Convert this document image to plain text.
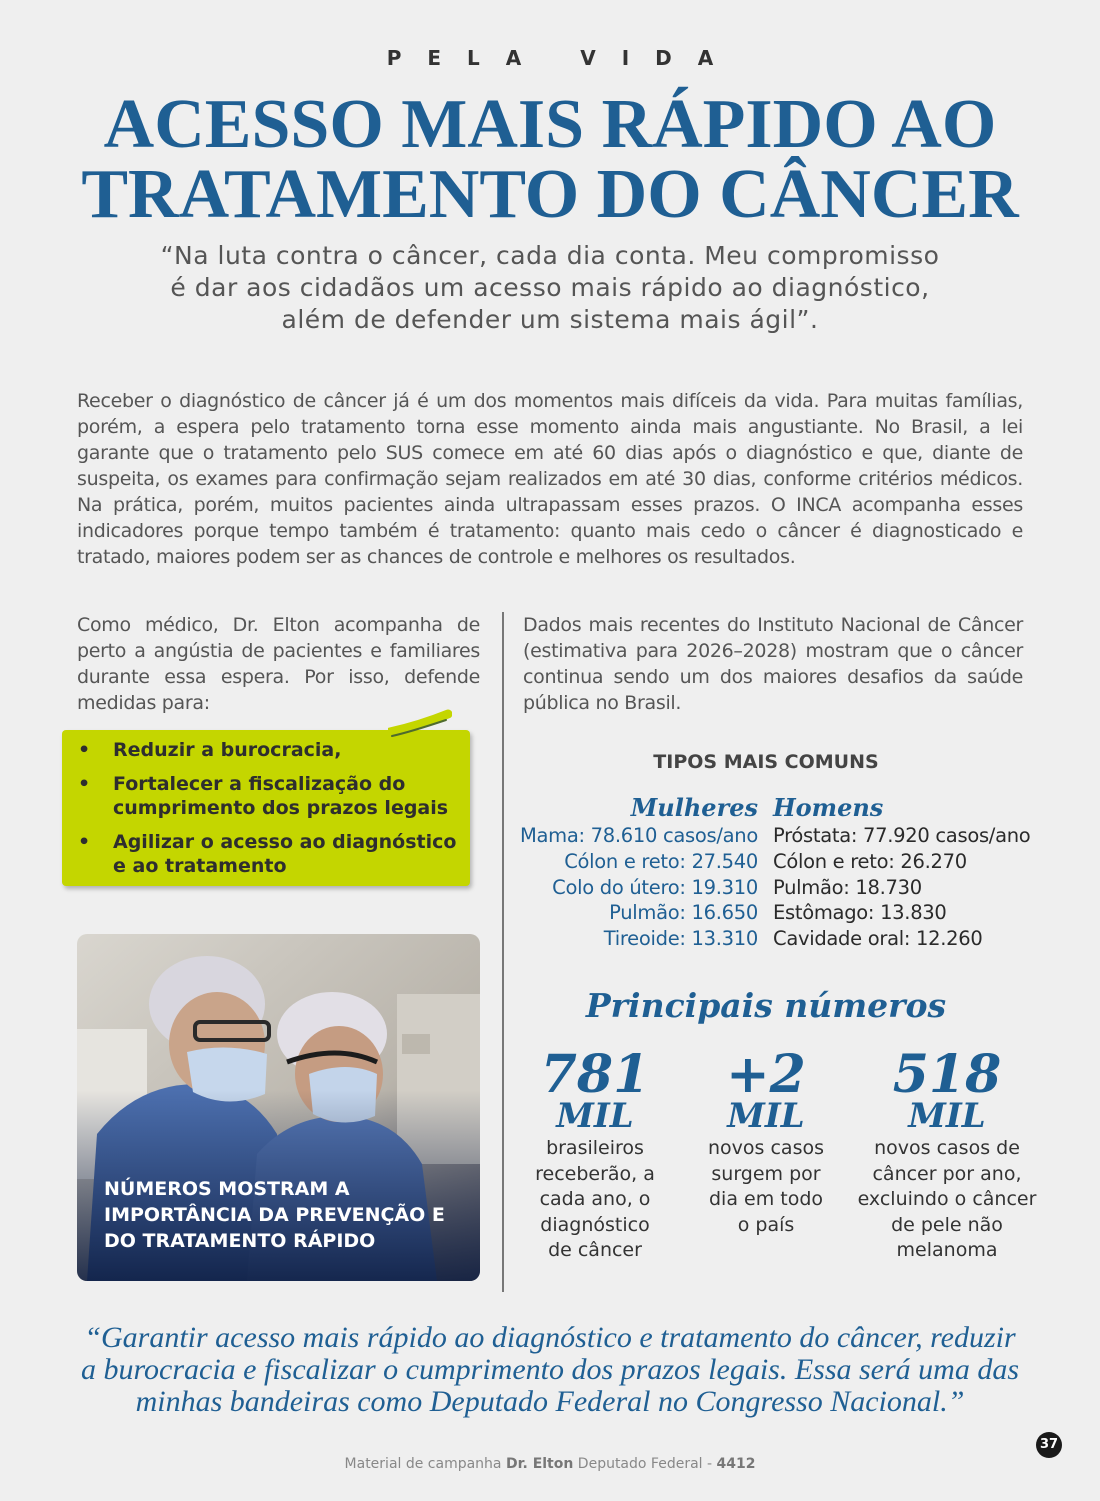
PELA VIDA
ACESSO MAIS RÁPIDO AO
TRATAMENTO DO CÂNCER
“Na luta contra o câncer, cada dia conta. Meu compromisso
é dar aos cidadãos um acesso mais rápido ao diagnóstico,
além de defender um sistema mais ágil”.

Receber o diagnóstico de câncer já é um dos momentos mais difíceis da vida. Para muitas famílias, porém, a espera pelo tratamento torna esse momento ainda mais angustiante. No Brasil, a lei garante que o tratamento pelo SUS comece em até 60 dias após o diagnóstico e que, diante de suspeita, os exames para confirmação sejam realizados em até 30 dias, conforme critérios médicos. Na prática, porém, muitos pacientes ainda ultrapassam esses prazos. O INCA acompanha esses indicadores porque tempo também é tratamento: quanto mais cedo o câncer é diagnosticado e tratado, maiores podem ser as chances de controle e melhores os resultados.

Como médico, Dr. Elton acompanha de perto a angústia de pacientes e familiares durante essa espera. Por isso, defende medidas para:

• Reduzir a burocracia,
• Fortalecer a fiscalização do cumprimento dos prazos legais
• Agilizar o acesso ao diagnóstico e ao tratamento
NÚMEROS MOSTRAM A IMPORTÂNCIA DA PREVENÇÃO E DO TRATAMENTO RÁPIDO

Dados mais recentes do Instituto Nacional de Câncer (estimativa para 2026–2028) mostram que o câncer continua sendo um dos maiores desafios da saúde pública no Brasil.

TIPOS MAIS COMUNS
Mulheres Homens
Mama: 78.610 casos/ano
Cólon e reto: 27.540
Colo do útero: 19.310
Pulmão: 16.650
Tireoide: 13.310
Próstata: 77.920 casos/ano
Cólon e reto: 26.270
Pulmão: 18.730
Estômago: 13.830
Cavidade oral: 12.260
Principais números
781
MIL
brasileiros receberão, a cada ano, o diagnóstico de câncer
+2
MIL
novos casos surgem por dia em todo o país
518
MIL
novos casos de câncer por ano, excluindo o câncer de pele não melanoma
“Garantir acesso mais rápido ao diagnóstico e tratamento do câncer, reduzir
a burocracia e fiscalizar o cumprimento dos prazos legais. Essa será uma das
minhas bandeiras como Deputado Federal no Congresso Nacional.”
37
Material de campanha Dr. Elton Deputado Federal - 4412
